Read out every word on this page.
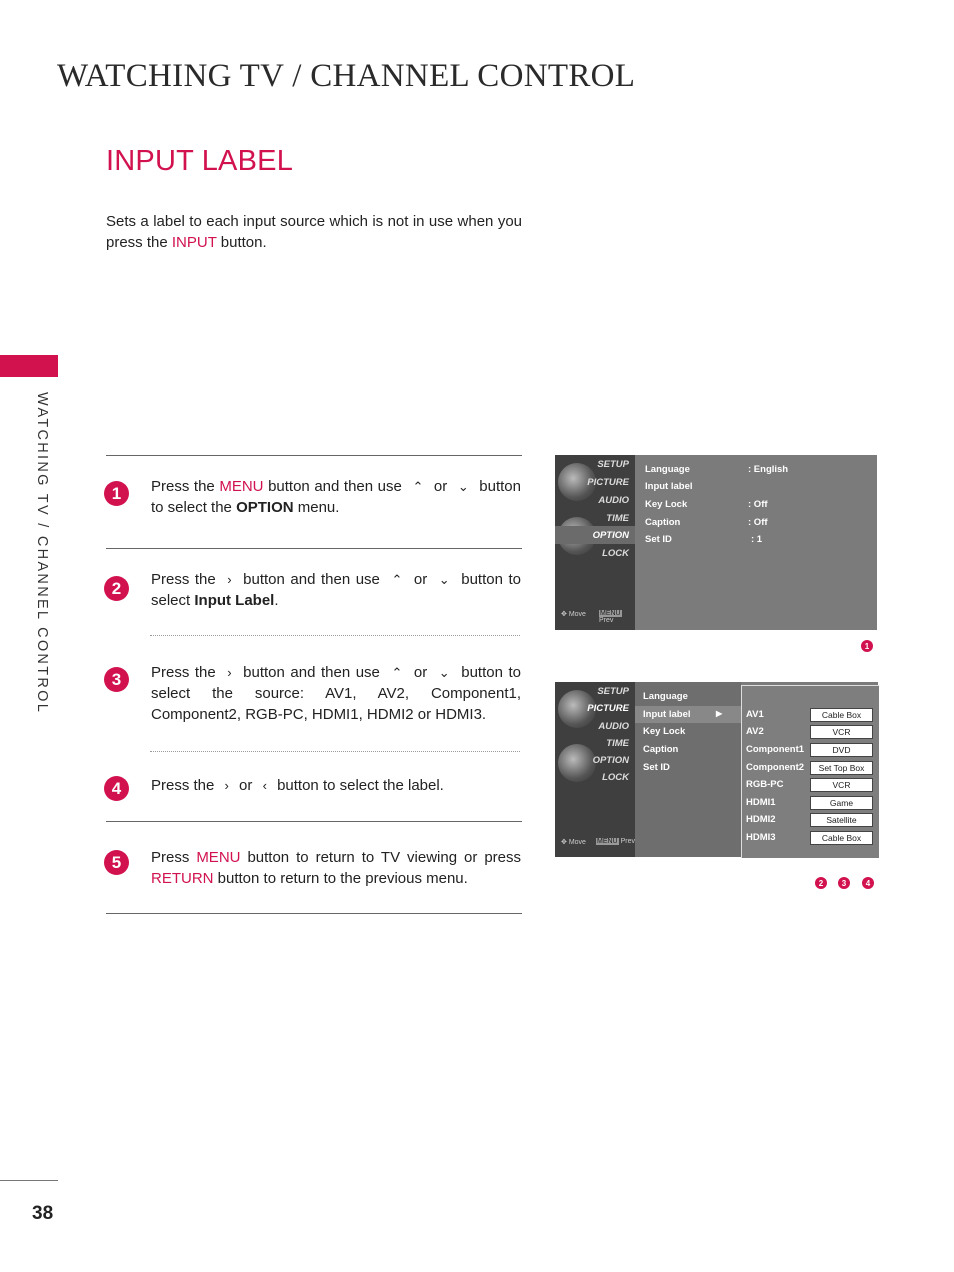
WATCHING TV / CHANNEL CONTROL
INPUT LABEL
Sets a label to each input source which is not in use when you press the INPUT button.
WATCHING TV / CHANNEL CONTROL
38
1	Press the MENU button and then use ⌃ or ⌄ button to select the OPTION menu.
2	Press the › button and then use ⌃ or ⌄ button to select Input Label.
3	Press the › button and then use ⌃ or ⌄ button to select the source: AV1, AV2, Component1, Component2, RGB-PC, HDMI1, HDMI2 or HDMI3.
4	Press the › or ‹ button to select the label.
5	Press MENU button to return to TV viewing or press RETURN button to return to the previous menu.
SETUP
PICTURE
AUDIO
TIME
OPTION
LOCK
✥ Move MENU Prev
Language	: English
Input label
Key Lock	: Off
Caption	: Off
Set ID	: 1
1
SETUP
PICTURE
AUDIO
TIME
OPTION
LOCK
✥ Move MENU Prev
Language
Input label	▶
Key Lock
Caption
Set ID
AV1	Cable Box
AV2	VCR
Component1	DVD
Component2	Set Top Box
RGB-PC	VCR
HDMI1	Game
HDMI2	Satellite
HDMI3	Cable Box
2	3	4
